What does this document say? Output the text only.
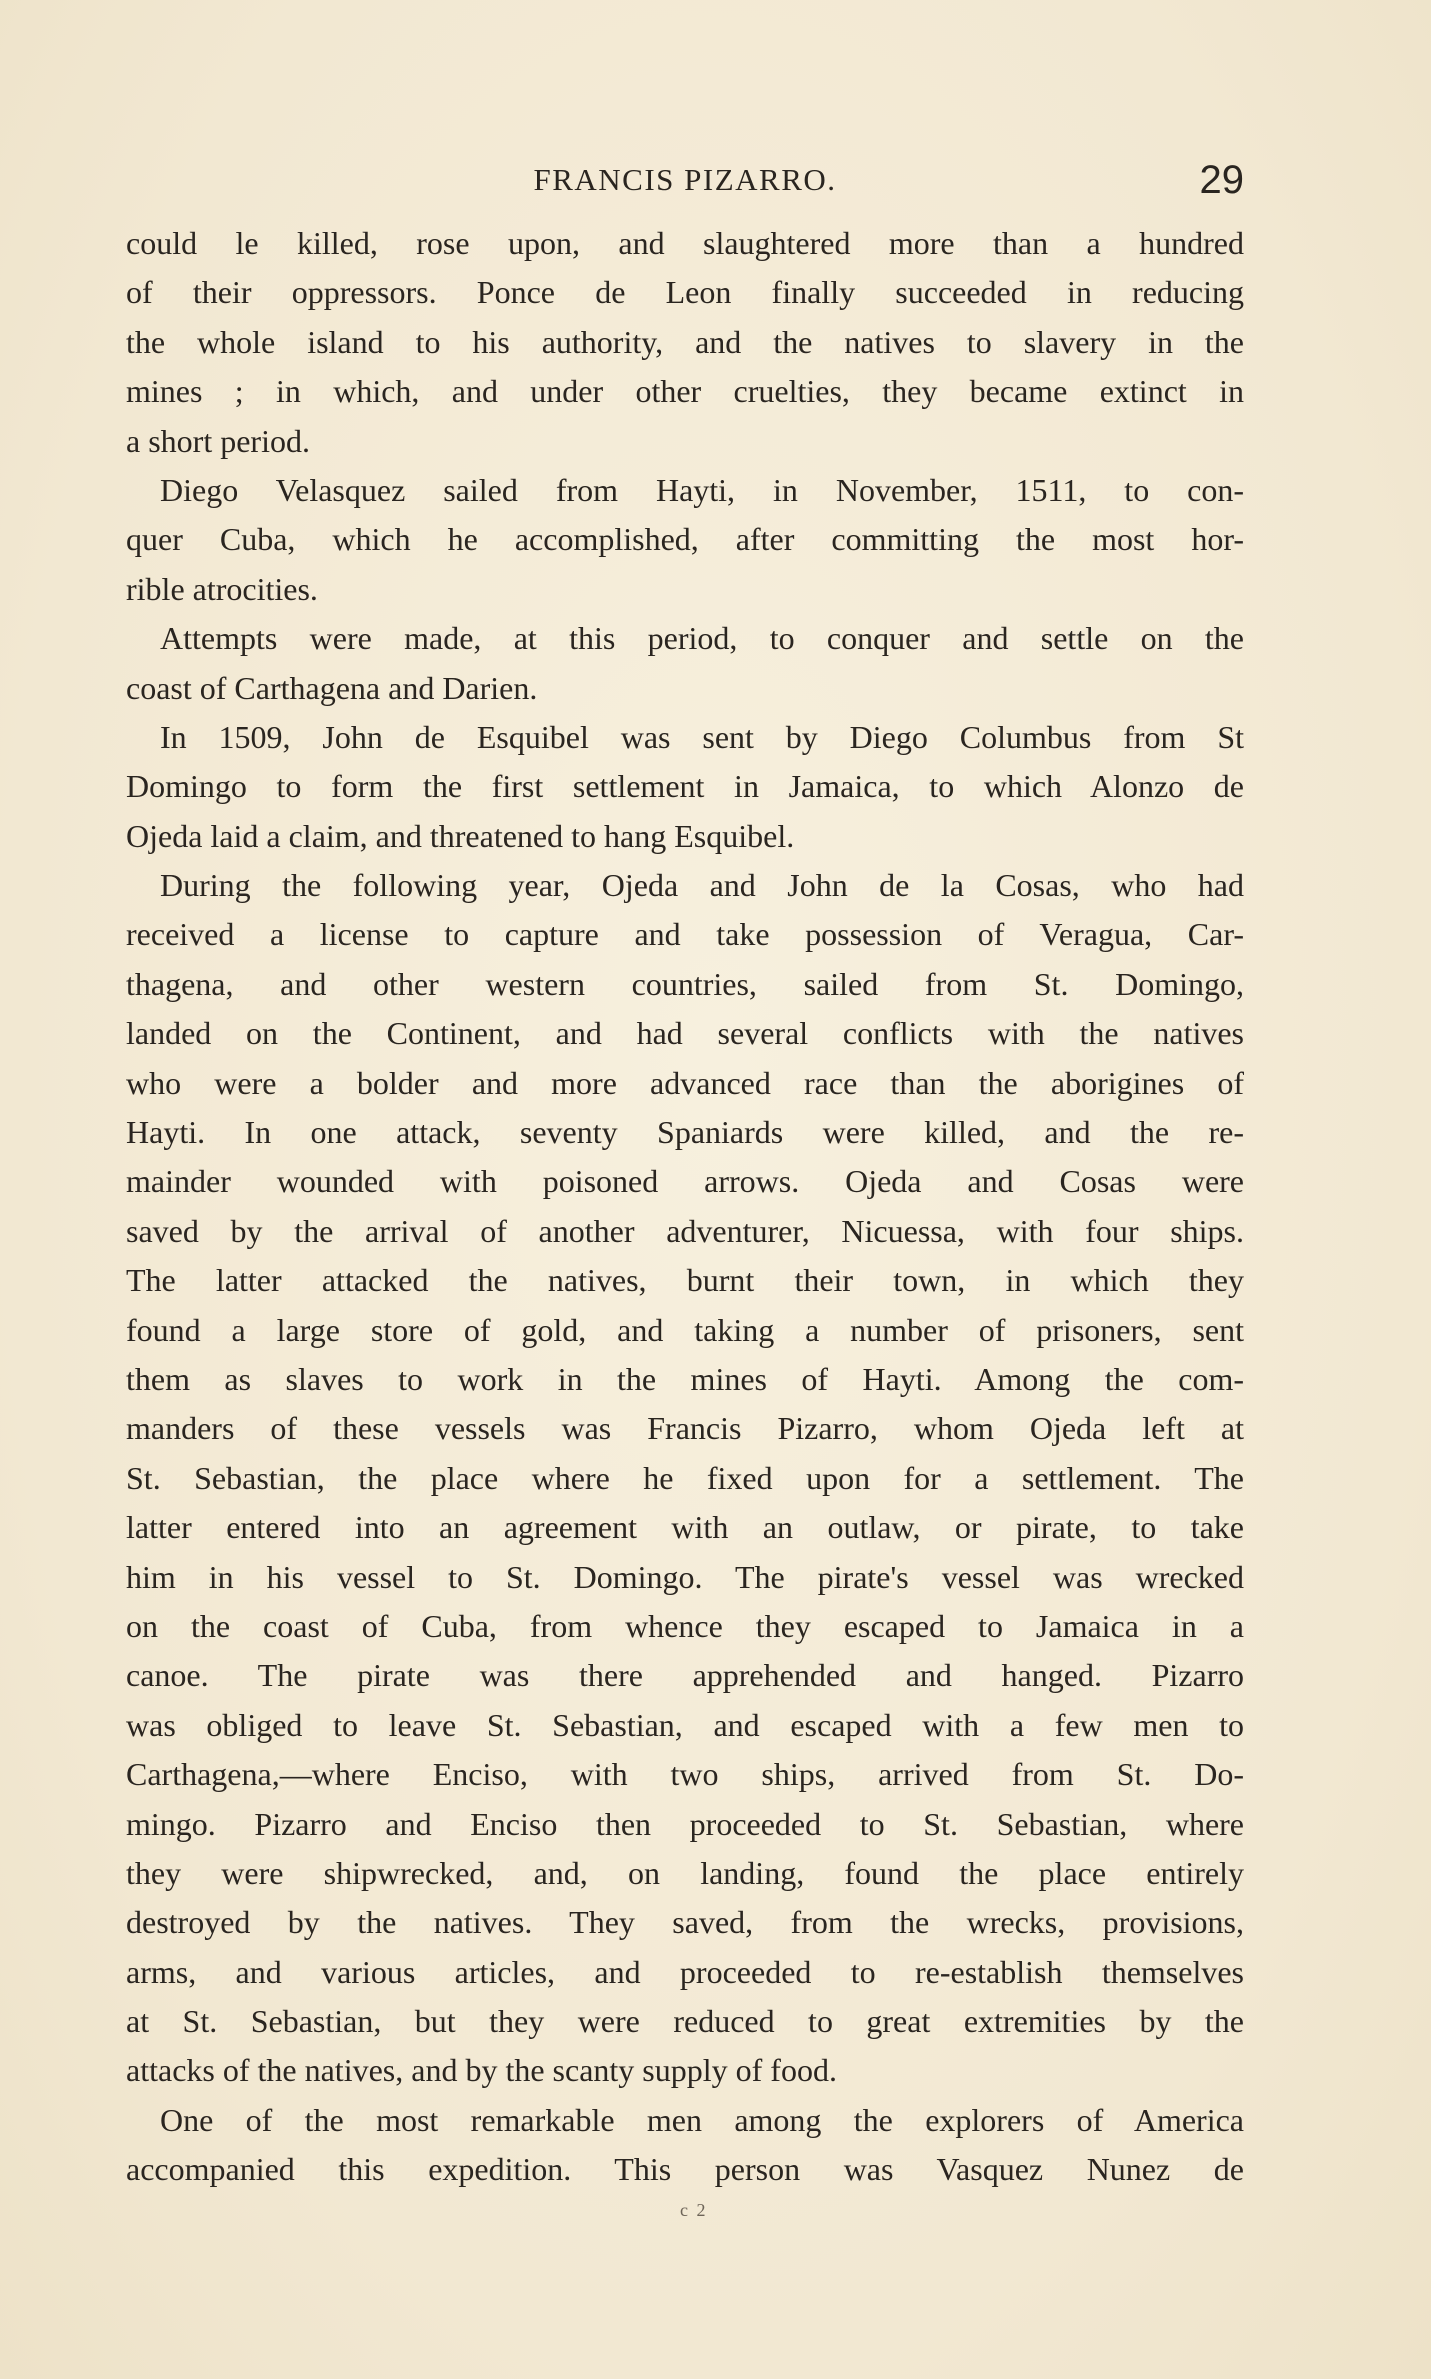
FRANCIS PIZARRO.	29
could le killed, rose upon, and slaughtered more than a hundred
of their oppressors. Ponce de Leon finally succeeded in reducing
the whole island to his authority, and the natives to slavery in the
mines ; in which, and under other cruelties, they became extinct in
a short period.
Diego Velasquez sailed from Hayti, in November, 1511, to con-
quer Cuba, which he accomplished, after committing the most hor-
rible atrocities.
Attempts were made, at this period, to conquer and settle on the
coast of Carthagena and Darien.
In 1509, John de Esquibel was sent by Diego Columbus from St
Domingo to form the first settlement in Jamaica, to which Alonzo de
Ojeda laid a claim, and threatened to hang Esquibel.
During the following year, Ojeda and John de la Cosas, who had
received a license to capture and take possession of Veragua, Car-
thagena, and other western countries, sailed from St. Domingo,
landed on the Continent, and had several conflicts with the natives
who were a bolder and more advanced race than the aborigines of
Hayti. In one attack, seventy Spaniards were killed, and the re-
mainder wounded with poisoned arrows. Ojeda and Cosas were
saved by the arrival of another adventurer, Nicuessa, with four ships.
The latter attacked the natives, burnt their town, in which they
found a large store of gold, and taking a number of prisoners, sent
them as slaves to work in the mines of Hayti. Among the com-
manders of these vessels was Francis Pizarro, whom Ojeda left at
St. Sebastian, the place where he fixed upon for a settlement. The
latter entered into an agreement with an outlaw, or pirate, to take
him in his vessel to St. Domingo. The pirate's vessel was wrecked
on the coast of Cuba, from whence they escaped to Jamaica in a
canoe. The pirate was there apprehended and hanged. Pizarro
was obliged to leave St. Sebastian, and escaped with a few men to
Carthagena,—where Enciso, with two ships, arrived from St. Do-
mingo. Pizarro and Enciso then proceeded to St. Sebastian, where
they were shipwrecked, and, on landing, found the place entirely
destroyed by the natives. They saved, from the wrecks, provisions,
arms, and various articles, and proceeded to re-establish themselves
at St. Sebastian, but they were reduced to great extremities by the
attacks of the natives, and by the scanty supply of food.
One of the most remarkable men among the explorers of America
accompanied this expedition. This person was Vasquez Nunez de
c 2
